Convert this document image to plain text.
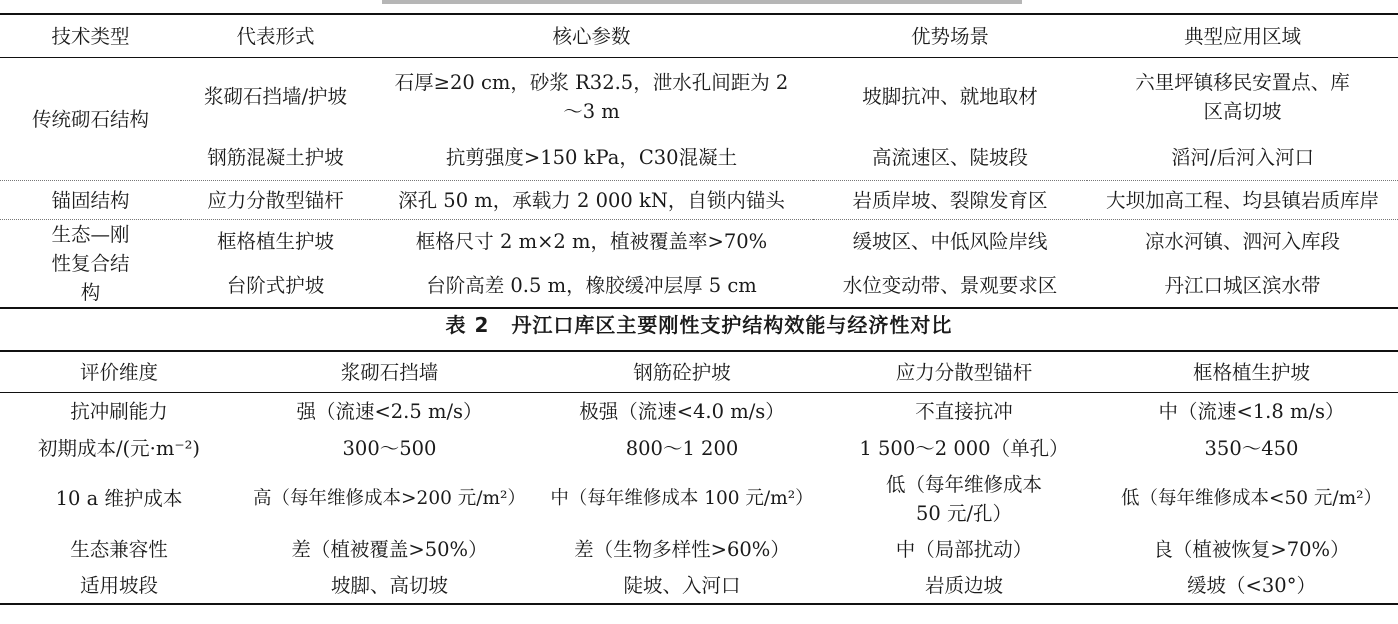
技术类型	代表形式	核心参数	优势场景	典型应用区域
传统砌石结构	浆砌石挡墙/护坡	石厚≥20 cm，砂浆 R32.5，泄水孔间距为 2～3 m	坡脚抗冲、就地取材	六里坪镇移民安置点、库区高切坡
	钢筋混凝土护坡	抗剪强度>150 kPa，C30混凝土	高流速区、陡坡段	滔河/后河入河口
锚固结构	应力分散型锚杆	深孔 50 m，承载力 2 000 kN，自锁内锚头	岩质岸坡、裂隙发育区	大坝加高工程、均县镇岩质库岸
生态—刚性复合结构	框格植生护坡	框格尺寸 2 m×2 m，植被覆盖率>70%	缓坡区、中低风险岸线	凉水河镇、泗河入库段
	台阶式护坡	台阶高差 0.5 m，橡胶缓冲层厚 5 cm	水位变动带、景观要求区	丹江口城区滨水带
表 2 丹江口库区主要刚性支护结构效能与经济性对比
评价维度	浆砌石挡墙	钢筋砼护坡	应力分散型锚杆	框格植生护坡
抗冲刷能力	强（流速<2.5 m/s）	极强（流速<4.0 m/s）	不直接抗冲	中（流速<1.8 m/s）
初期成本/(元·m⁻²)	300～500	800～1 200	1 500～2 000（单孔）	350～450
10 a 维护成本	高（每年维修成本>200 元/m²）	中（每年维修成本 100 元/m²）	低（每年维修成本 50 元/孔）	低（每年维修成本<50 元/m²）
生态兼容性	差（植被覆盖>50%）	差（生物多样性>60%）	中（局部扰动）	良（植被恢复>70%）
适用坡段	坡脚、高切坡	陡坡、入河口	岩质边坡	缓坡（<30°）
